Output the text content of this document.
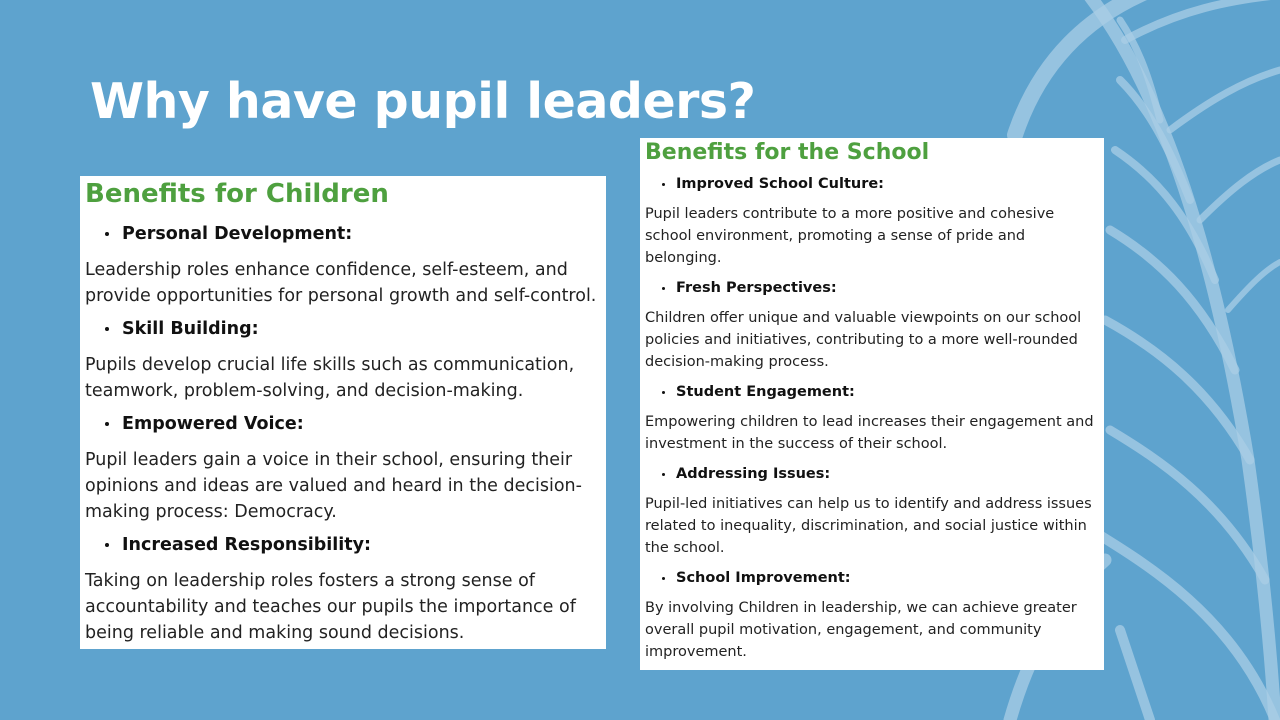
Why have pupil leaders?
Benefits for Children
Personal Development:

Leadership roles enhance confidence, self-esteem, and provide opportunities for personal growth and self-control.

Skill Building:

Pupils develop crucial life skills such as communication, teamwork, problem-solving, and decision-making.

Empowered Voice:

Pupil leaders gain a voice in their school, ensuring their opinions and ideas are valued and heard in the decision-making process: Democracy.

Increased Responsibility:

Taking on leadership roles fosters a strong sense of accountability and teaches our pupils the importance of being reliable and making sound decisions.

Benefits for the School
Improved School Culture:

Pupil leaders contribute to a more positive and cohesive school environment, promoting a sense of pride and belonging.

Fresh Perspectives:

Children offer unique and valuable viewpoints on our school policies and initiatives, contributing to a more well-rounded decision-making process.

Student Engagement:

Empowering children to lead increases their engagement and investment in the success of their school.

Addressing Issues:

Pupil-led initiatives can help us to identify and address issues related to inequality, discrimination, and social justice within the school.

School Improvement:

By involving Children in leadership, we can achieve greater overall pupil motivation, engagement, and community improvement.
